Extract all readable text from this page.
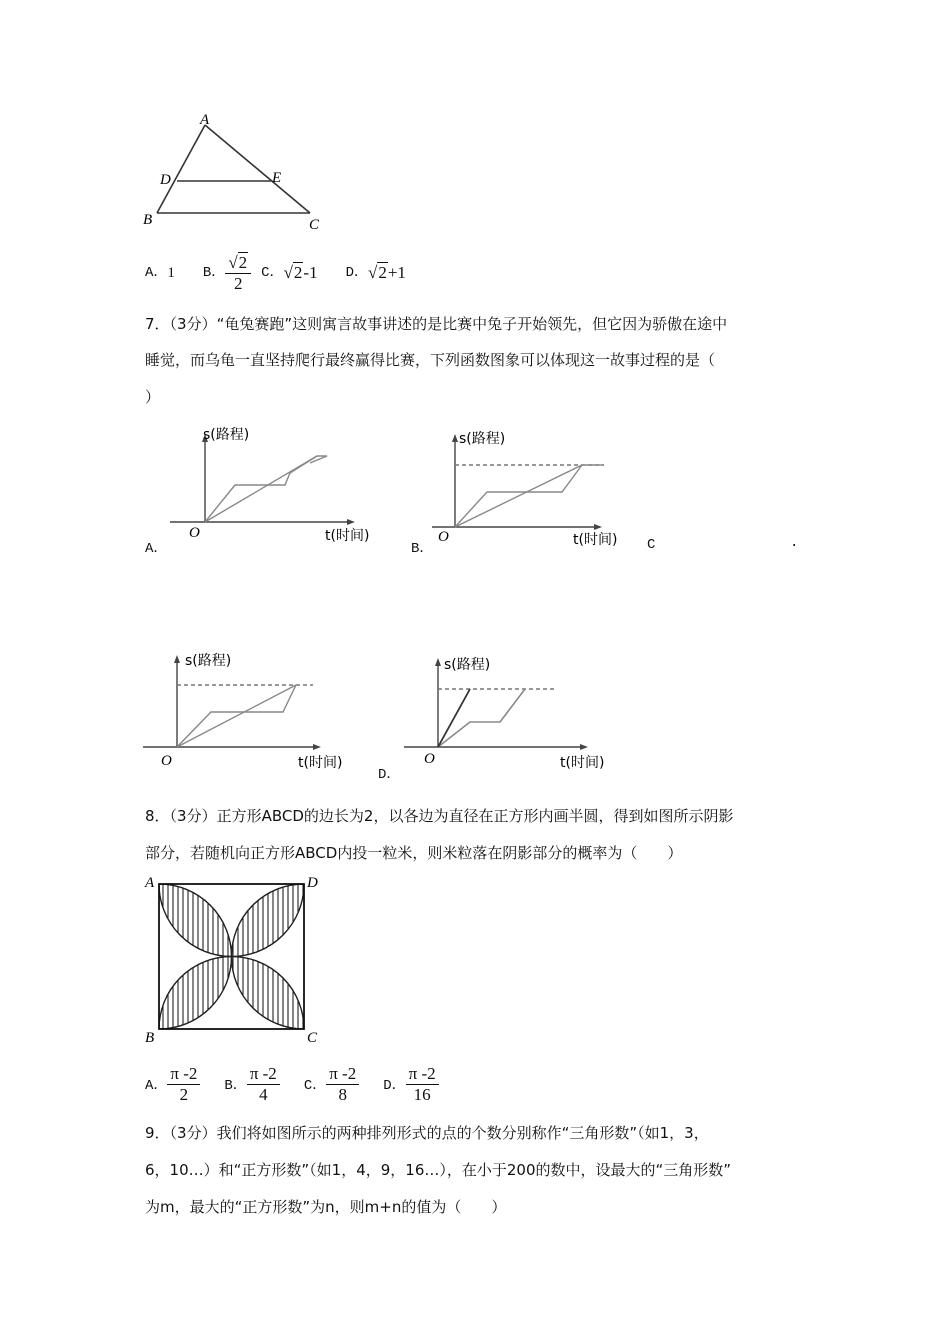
A
D	E
B	C
A． 1 B． $\frac{√2}{2}$ C． √2-1 D． √2+1
7．（3分）“龟兔赛跑”这则寓言故事讲述的是比赛中兔子开始领先，但它因为骄傲在途中
睡觉，而乌龟一直坚持爬行最终赢得比赛，下列函数图象可以体现这一故事过程的是（
）
s(路程)
t(时间)
O
A．
s(路程)
t(时间)
O
B．	C	.
s(路程)
t(时间)
O
s(路程)
t(时间)
O
D．
8．（3分）正方形ABCD的边长为2，以各边为直径在正方形内画半圆，得到如图所示阴影
部分，若随机向正方形ABCD内投一粒米，则米粒落在阴影部分的概率为（　　）
A	D
B	C
A． $\frac{\pi -2}{2}$ B． $\frac{\pi -2}{4}$ C． $\frac{\pi -2}{8}$ D． $\frac{\pi -2}{16}$
9．（3分）我们将如图所示的两种排列形式的点的个数分别称作“三角形数”（如1，3，
6，10…）和“正方形数”（如1，4，9，16…），在小于200的数中，设最大的“三角形数”
为m，最大的“正方形数”为n，则m+n的值为（　　）
